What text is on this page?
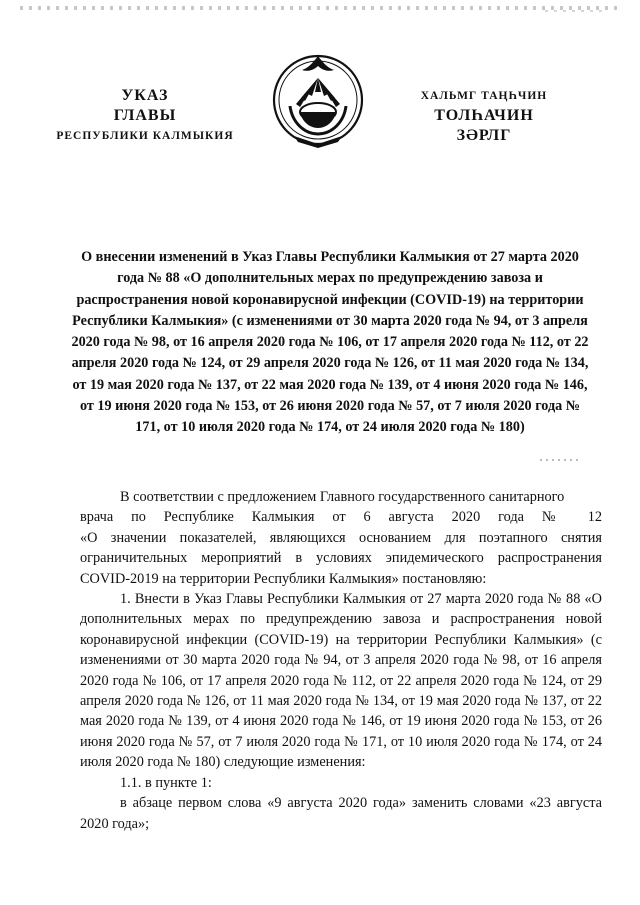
УКАЗ
ГЛАВЫ
РЕСПУБЛИКИ КАЛМЫКИЯ
ХАЛЬМГ ТАҢҺЧИН
ТОЛҺАЧИН
ЗӘРЛГ
О внесении изменений в Указ Главы Республики Калмыкия от 27 марта 2020 года № 88 «О дополнительных мерах по предупреждению завоза и распространения новой коронавирусной инфекции (COVID-19) на территории Республики Калмыкия» (с изменениями от 30 марта 2020 года № 94, от 3 апреля 2020 года № 98, от 16 апреля 2020 года № 106, от 17 апреля 2020 года № 112, от 22 апреля 2020 года № 124, от 29 апреля 2020 года № 126, от 11 мая 2020 года № 134, от 19 мая 2020 года № 137, от 22 мая 2020 года № 139, от 4 июня 2020 года № 146, от 19 июня 2020 года № 153, от 26 июня 2020 года № 57, от 7 июля 2020 года № 171, от 10 июля 2020 года № 174, от 24 июля 2020 года № 180)

В соответствии с предложением Главного государственного санитарного

врача по Республике Калмыкия от 6 августа 2020 года № 12

«О значении показателей, являющихся основанием для поэтапного снятия ограничительных мероприятий в условиях эпидемического распространения COVID-2019 на территории Республики Калмыкия» постановляю:

1. Внести в Указ Главы Республики Калмыкия от 27 марта 2020 года № 88 «О дополнительных мерах по предупреждению завоза и распространения новой коронавирусной инфекции (COVID-19) на территории Республики Калмыкия» (с изменениями от 30 марта 2020 года № 94, от 3 апреля 2020 года № 98, от 16 апреля 2020 года № 106, от 17 апреля 2020 года № 112, от 22 апреля 2020 года № 124, от 29 апреля 2020 года № 126, от 11 мая 2020 года № 134, от 19 мая 2020 года № 137, от 22 мая 2020 года № 139, от 4 июня 2020 года № 146, от 19 июня 2020 года № 153, от 26 июня 2020 года № 57, от 7 июля 2020 года № 171, от 10 июля 2020 года № 174, от 24 июля 2020 года № 180) следующие изменения:

1.1. в пункте 1:

в абзаце первом слова «9 августа 2020 года» заменить словами «23 августа 2020 года»;
